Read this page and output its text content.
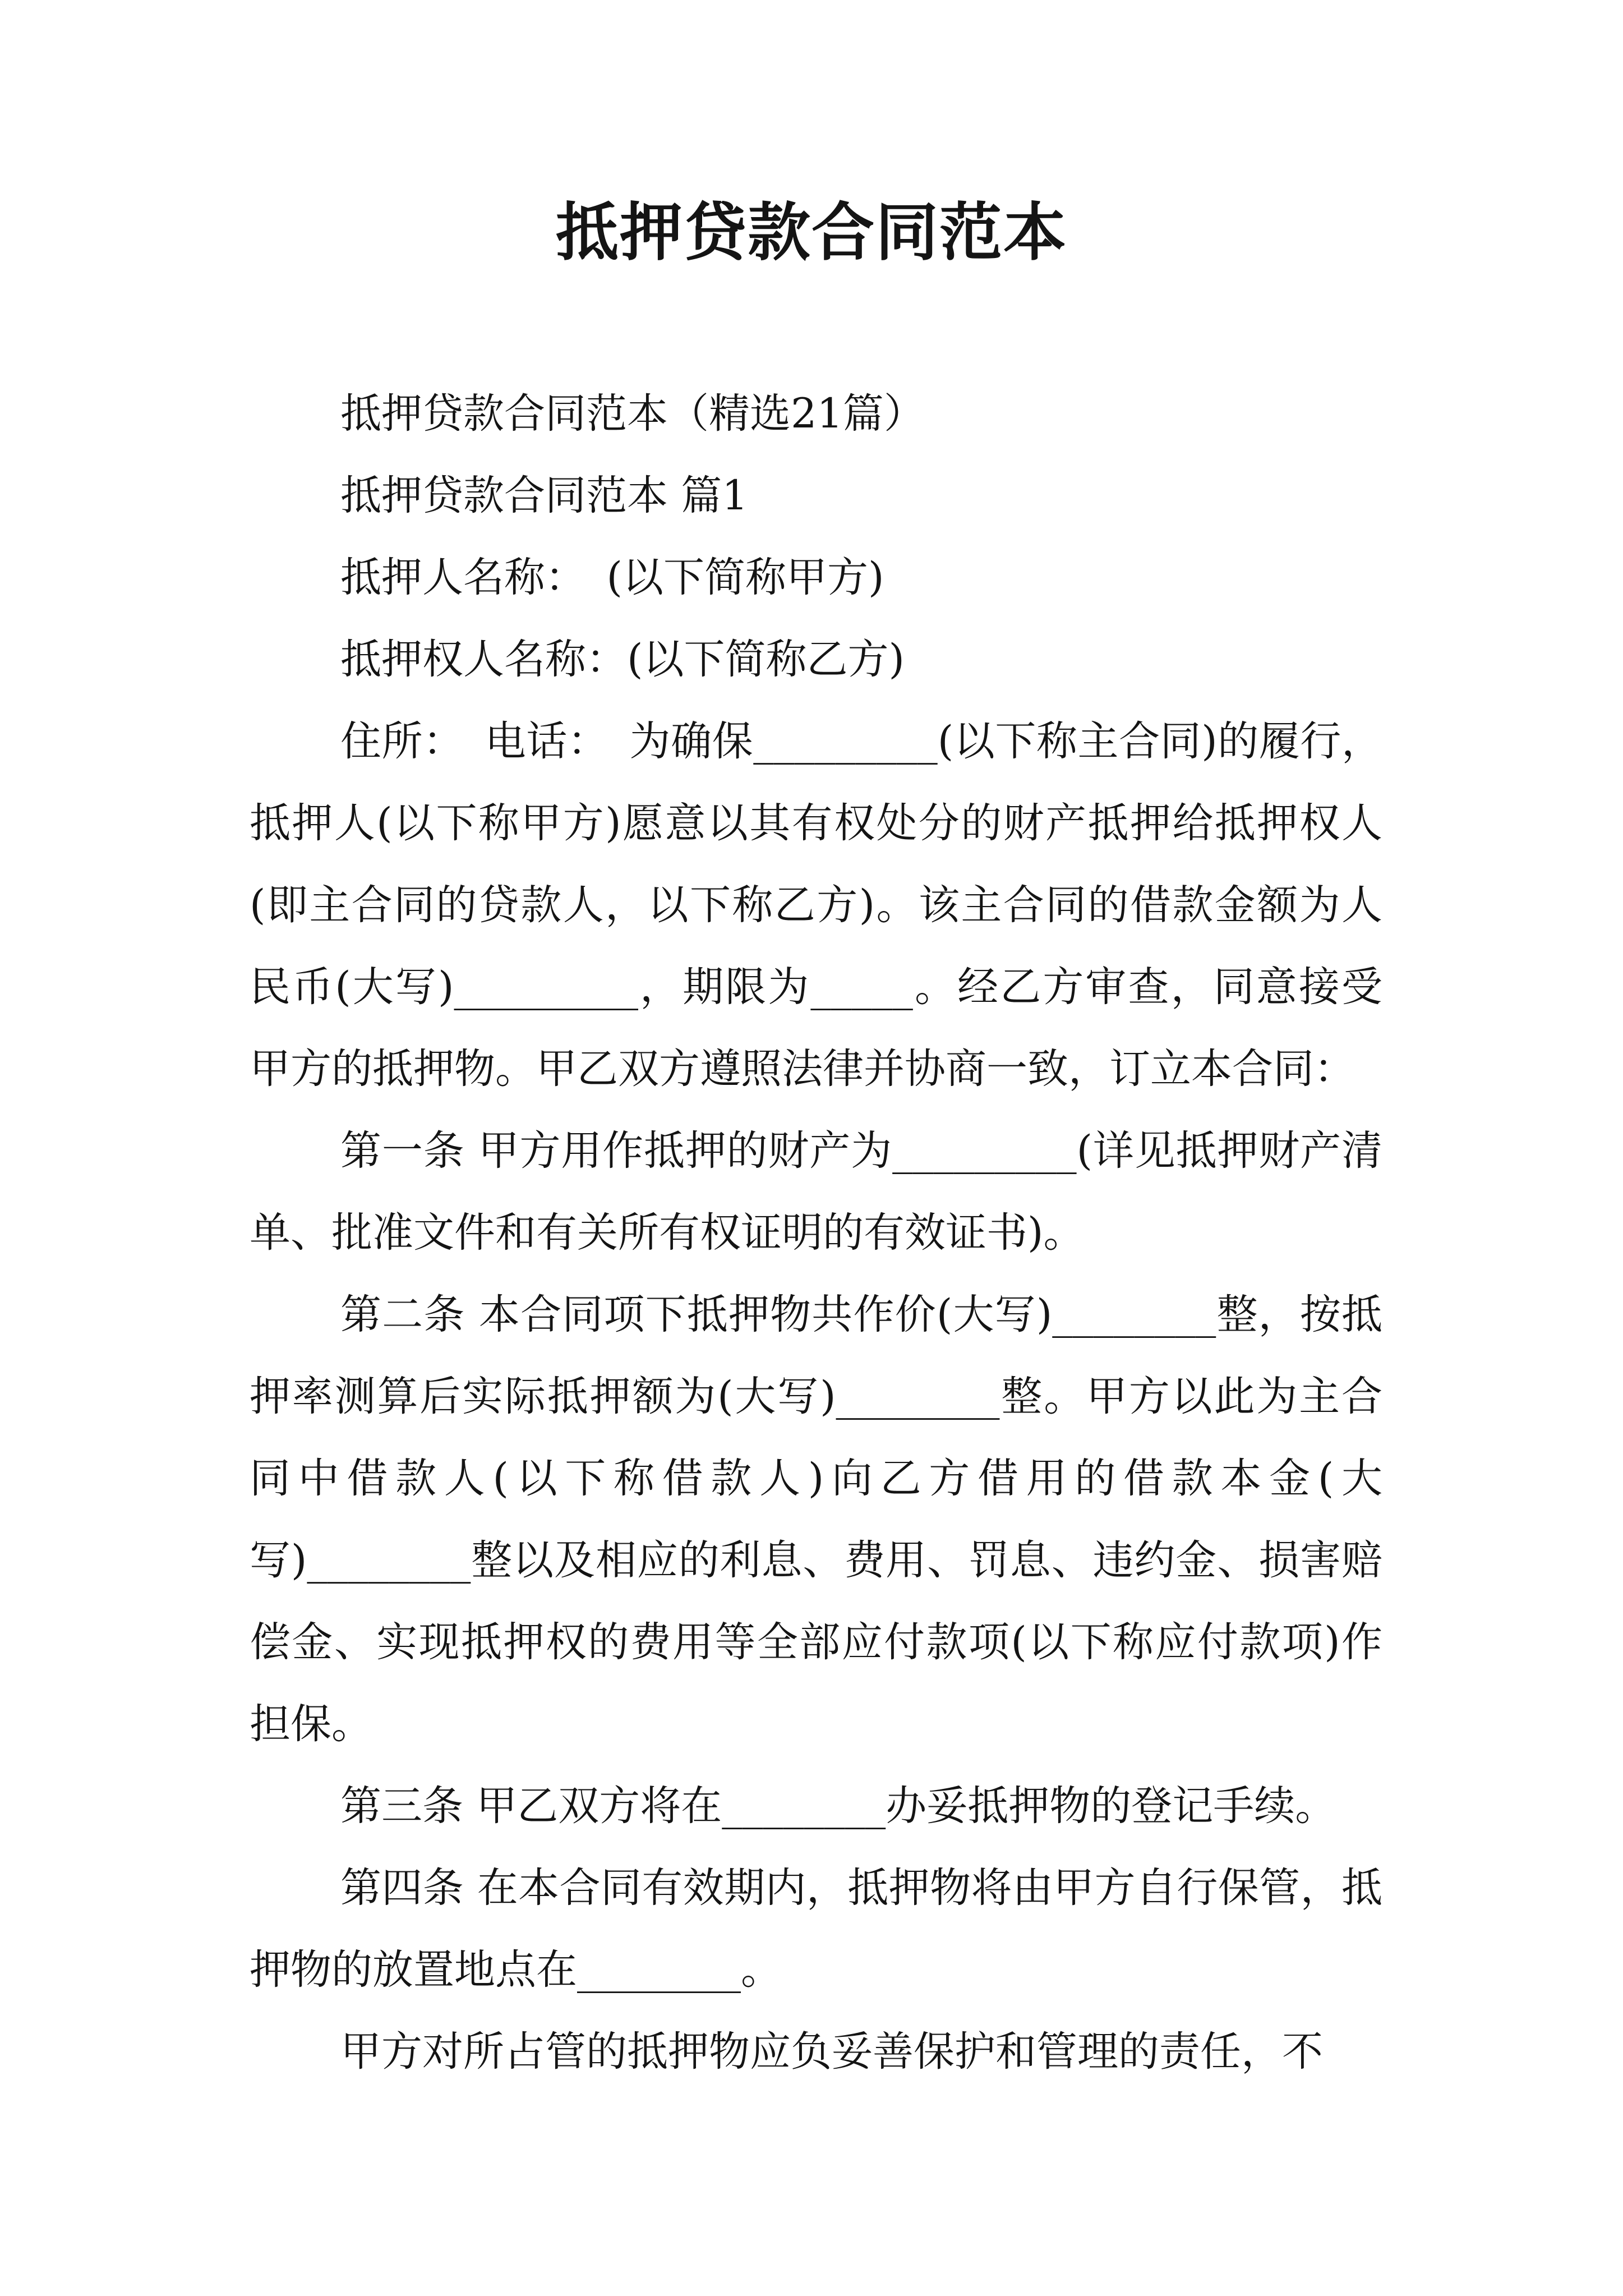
抵押贷款合同范本

抵押贷款合同范本（精选21篇）

抵押贷款合同范本 篇1

抵押人名称：　(以下简称甲方)

抵押权人名称：(以下简称乙方)

住所：　电话：　为确保_________(以下称主合同)的履行，抵押人(以下称甲方)愿意以其有权处分的财产抵押给抵押权人(即主合同的贷款人，以下称乙方)。该主合同的借款金额为人民币(大写)_________，期限为_____。经乙方审查，同意接受甲方的抵押物。甲乙双方遵照法律并协商一致，订立本合同：

第一条 甲方用作抵押的财产为_________(详见抵押财产清单、批准文件和有关所有权证明的有效证书)。

第二条 本合同项下抵押物共作价(大写)________整，按抵押率测算后实际抵押额为(大写)________整。甲方以此为主合同中借款人(以下称借款人)向乙方借用的借款本金(大写)________整以及相应的利息、费用、罚息、违约金、损害赔偿金、实现抵押权的费用等全部应付款项(以下称应付款项)作担保。

第三条 甲乙双方将在________办妥抵押物的登记手续。

第四条 在本合同有效期内，抵押物将由甲方自行保管，抵押物的放置地点在________。

甲方对所占管的抵押物应负妥善保护和管理的责任，不
